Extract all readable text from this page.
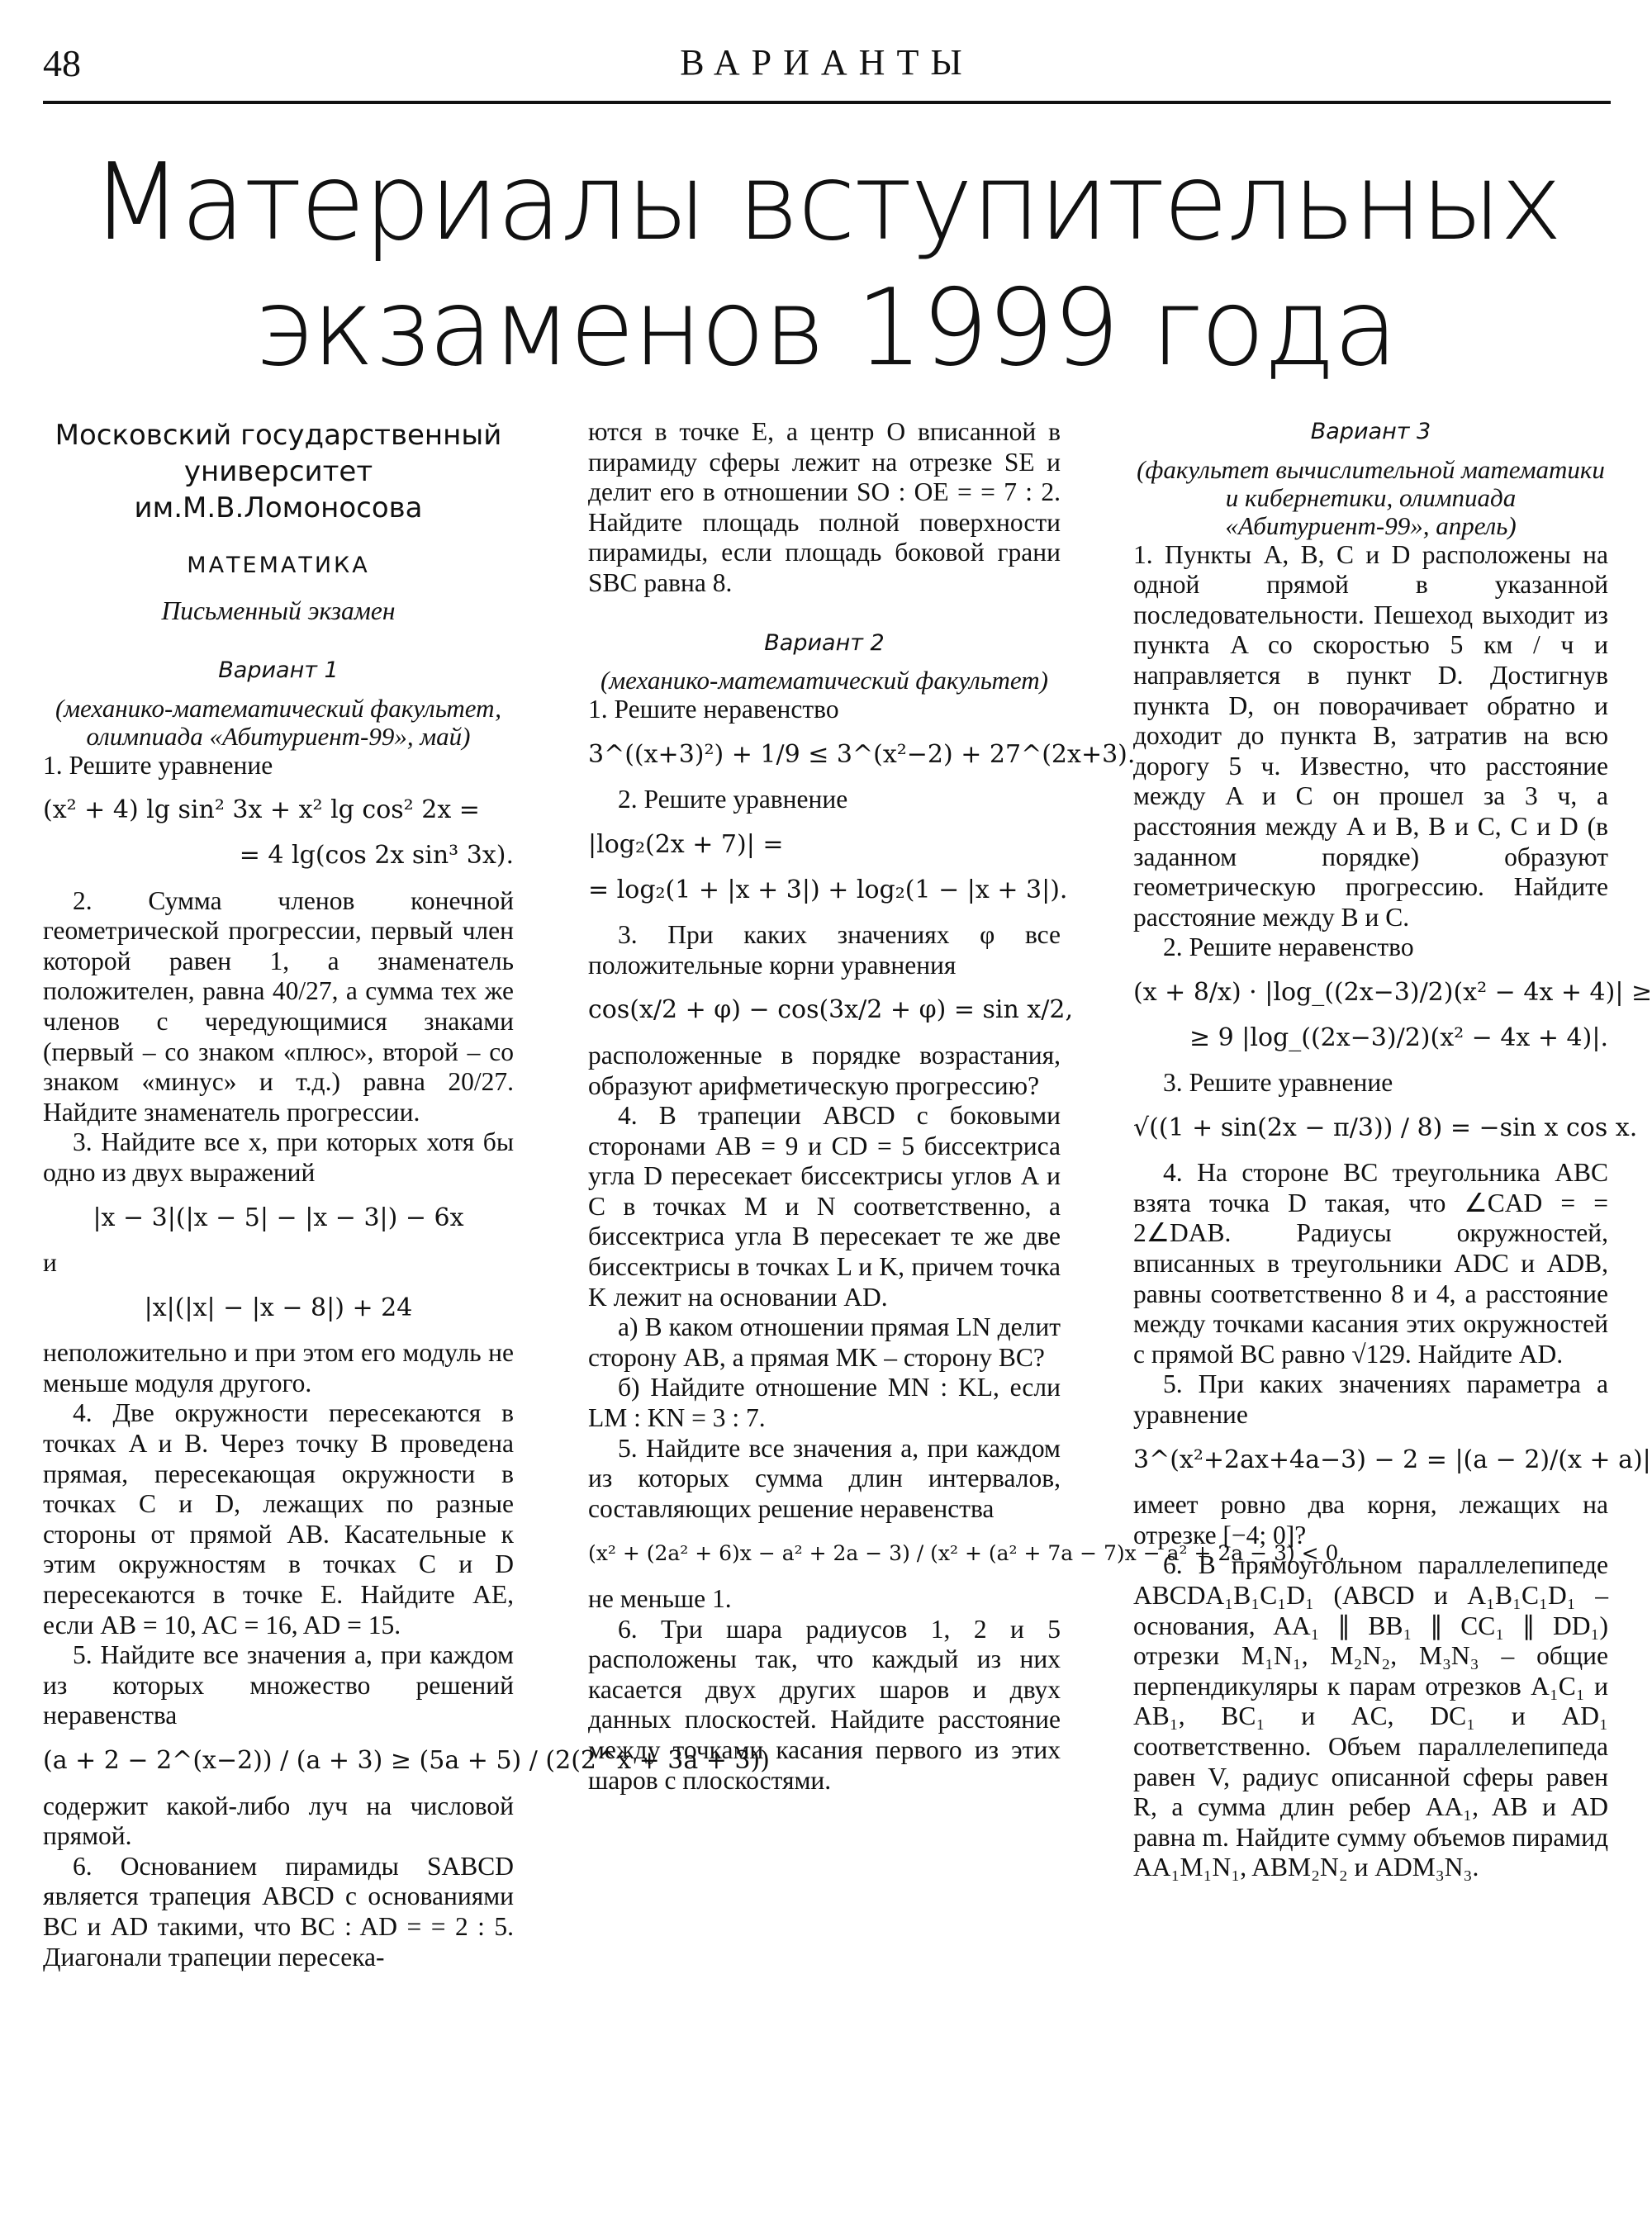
48	ВАРИАНТЫ
Материалы вступительных
экзаменов 1999 года

Московский государственный университет им.М.В.Ломоносова

МАТЕМАТИКА

Письменный экзамен

Вариант 1

(механико-математический факультет, олимпиада «Абитуриент-99», май)

1. Решите уравнение

(x² + 4) lg sin² 3x + x² lg cos² 2x =

= 4 lg(cos 2x sin³ 3x).

2. Сумма членов конечной геометрической прогрессии, первый член которой равен 1, а знаменатель положителен, равна 40/27, а сумма тех же членов с чередующимися знаками (первый – со знаком «плюс», второй – со знаком «минус» и т.д.) равна 20/27. Найдите знаменатель прогрессии.

3. Найдите все x, при которых хотя бы одно из двух выражений

|x − 3|(|x − 5| − |x − 3|) − 6x

и

|x|(|x| − |x − 8|) + 24

неположительно и при этом его модуль не меньше модуля другого.

4. Две окружности пересекаются в точках A и B. Через точку B проведена прямая, пересекающая окружности в точках C и D, лежащих по разные стороны от прямой AB. Касательные к этим окружностям в точках C и D пересекаются в точке E. Найдите AE, если AB = 10, AC = 16, AD = 15.

5. Найдите все значения a, при каждом из которых множество решений неравенства

(a + 2 − 2^(x−2)) / (a + 3) ≥ (5a + 5) / (2(2^x + 3a + 3))

содержит какой-либо луч на числовой прямой.

6. Основанием пирамиды SABCD является трапеция ABCD с основаниями BC и AD такими, что BC : AD = = 2 : 5. Диагонали трапеции пересека-

ются в точке E, а центр O вписанной в пирамиду сферы лежит на отрезке SE и делит его в отношении SO : OE = = 7 : 2. Найдите площадь полной поверхности пирамиды, если площадь боковой грани SBC равна 8.

Вариант 2

(механико-математический факультет)

1. Решите неравенство

3^((x+3)²) + 1/9 ≤ 3^(x²−2) + 27^(2x+3).

2. Решите уравнение

|log₂(2x + 7)| =

= log₂(1 + |x + 3|) + log₂(1 − |x + 3|).

3. При каких значениях φ все положительные корни уравнения

cos(x/2 + φ) − cos(3x/2 + φ) = sin x/2,

расположенные в порядке возрастания, образуют арифметическую прогрессию?

4. В трапеции ABCD с боковыми сторонами AB = 9 и CD = 5 биссектриса угла D пересекает биссектрисы углов A и C в точках M и N соответственно, а биссектриса угла B пересекает те же две биссектрисы в точках L и K, причем точка K лежит на основании AD.

а) В каком отношении прямая LN делит сторону AB, а прямая MK – сторону BC?

б) Найдите отношение MN : KL, если LM : KN = 3 : 7.

5. Найдите все значения a, при каждом из которых сумма длин интервалов, составляющих решение неравенства

(x² + (2a² + 6)x − a² + 2a − 3) / (x² + (a² + 7a − 7)x − a² + 2a − 3) < 0,

не меньше 1.

6. Три шара радиусов 1, 2 и 5 расположены так, что каждый из них касается двух других шаров и двух данных плоскостей. Найдите расстояние между точками касания первого из этих шаров с плоскостями.

Вариант 3

(факультет вычислительной математики и кибернетики, олимпиада «Абитуриент-99», апрель)

1. Пункты A, B, C и D расположены на одной прямой в указанной последовательности. Пешеход выходит из пункта A со скоростью 5 км / ч и направляется в пункт D. Достигнув пункта D, он поворачивает обратно и доходит до пункта B, затратив на всю дорогу 5 ч. Известно, что расстояние между A и C он прошел за 3 ч, а расстояния между A и B, B и C, C и D (в заданном порядке) образуют геометрическую прогрессию. Найдите расстояние между B и C.

2. Решите неравенство

(x + 8/x) · |log_((2x−3)/2)(x² − 4x + 4)| ≥

≥ 9 |log_((2x−3)/2)(x² − 4x + 4)|.

3. Решите уравнение

√((1 + sin(2x − π/3)) / 8) = −sin x cos x.

4. На стороне BC треугольника ABC взята точка D такая, что ∠CAD = = 2∠DAB. Радиусы окружностей, вписанных в треугольники ADC и ADB, равны соответственно 8 и 4, а расстояние между точками касания этих окружностей с прямой BC равно √129. Найдите AD.

5. При каких значениях параметра a уравнение

3^(x²+2ax+4a−3) − 2 = |(a − 2)/(x + a)|

имеет ровно два корня, лежащих на отрезке [−4; 0]?

6. В прямоугольном параллелепипеде ABCDA₁B₁C₁D₁ (ABCD и A₁B₁C₁D₁ – основания, AA₁ ∥ BB₁ ∥ CC₁ ∥ DD₁) отрезки M₁N₁, M₂N₂, M₃N₃ – общие перпендикуляры к парам отрезков A₁C₁ и AB₁, BC₁ и AC, DC₁ и AD₁ соответственно. Объем параллелепипеда равен V, радиус описанной сферы равен R, а сумма длин ребер AA₁, AB и AD равна m. Найдите сумму объемов пирамид AA₁M₁N₁, ABM₂N₂ и ADM₃N₃.
